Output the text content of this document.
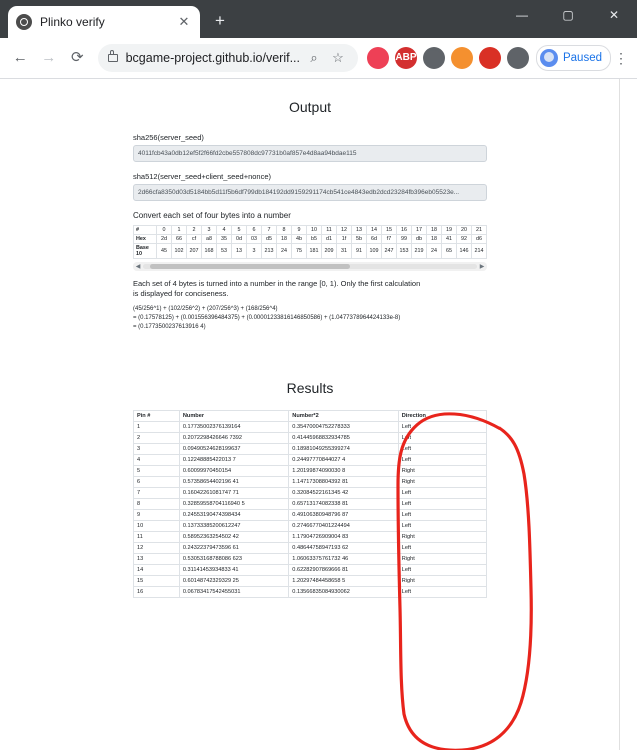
Plinko verify	✕	+	—	▢	✕
← → ⟳	bcgame-project.github.io/verif... ⌕	☆	ABP	Paused ⋮
Output
sha256(server_seed)
4011fcb43a0db12ef5f2f66fd2cbe557808dc97731b0af857e4d8aa94bdae115
sha512(server_seed+client_seed+nonce)
2d66cfa8350d03d5184bb5d11f5b6df799db184192dd9159291174cb541ce4843edb2dcd23284fb396eb05523e...
Convert each set of four bytes into a number
#	0	1	2	3	4	5	6	7	8	9	10	11	12	13	14	15	16	17	18	19	20	21
Hex	2d	66	cf	a8	35	0d	03	d5	18	4b	b5	d1	1f	5b	6d	f7	99	db	18	41	92	d6
Base 10	45	102	207	168	53	13	3	213	24	75	181	209	31	91	109	247	153	219	24	65	146	214
◀	▶
Each set of 4 bytes is turned into a number in the range [0, 1). Only the first calculation
is displayed for conciseness.
(45/256^1) + (102/256^2) + (207/256^3) + (168/256^4)
= (0.17578125) + (0.001556396484375) + (0.00001233816146850586) + (1.0477378964424133e-8)
= (0.1773500237613916 4)
Results
Pin #	Number	Number*2	Direction
1	0.17735002376139164	0.35470004752278333	Left
2	0.2072298426646 7392	0.41445968832934785	Left
3	0.09490524628199637	0.18981049255399274	Left
4	0.12248885422013 7	0.24497770844027 4	Left
5	0.60099970450154	1.20199874090030 8	Right
6	0.57358654402196 41	1.14717308804392 81	Right
7	0.16042261081747 71	0.32084522161345 42	Left
8	0.32859558704116940 5	0.65713174082338 81	Left
9	0.24553190474398434	0.49106380948796 87	Left
10	0.13733385200612247	0.27466770401224494	Left
11	0.58952363254502 42	1.17904726909004 83	Right
12	0.24322379473596 61	0.48644758947193 62	Left
13	0.53053168788086 623	1.06063375761732 46	Right
14	0.31141453934833 41	0.62282907869666 81	Left
15	0.60148742329329 25	1.20297484458658 5	Right
16	0.06783417542455031	0.13566835084930062	Left
